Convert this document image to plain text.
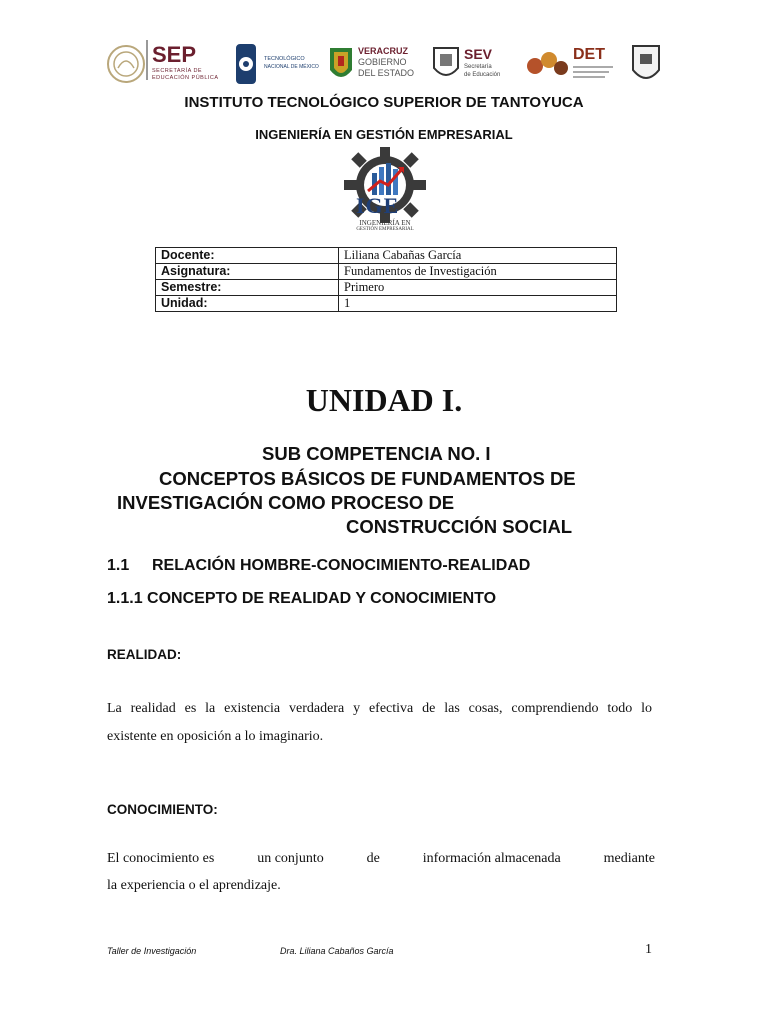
SEP
SECRETARÍA DE
EDUCACIÓN PÚBLICA
TECNOLÓGICO
NACIONAL DE MÉXICO
VERACRUZ
GOBIERNO
DEL ESTADO
SEV
Secretaría
de Educación
DET
INSTITUTO TECNOLÓGICO SUPERIOR DE TANTOYUCA
INGENIERÍA EN GESTIÓN EMPRESARIAL
IGE
INGENIERÍA EN
GESTIÓN EMPRESARIAL
Docente:	Liliana Cabañas García
Asignatura:	Fundamentos de Investigación
Semestre:	Primero
Unidad:	1
UNIDAD I.
SUB COMPETENCIA NO. I
CONCEPTOS BÁSICOS DE FUNDAMENTOS DE
INVESTIGACIÓN COMO PROCESO DE
CONSTRUCCIÓN SOCIAL
1.1 RELACIÓN HOMBRE-CONOCIMIENTO-REALIDAD
1.1.1 CONCEPTO DE REALIDAD Y CONOCIMIENTO
REALIDAD:
La realidad es la existencia verdadera y efectiva de las cosas, comprendiendo todo lo
existente en oposición a lo imaginario.
CONOCIMIENTO:
El conocimiento es	un conjunto	de	información almacenada	mediante
la experiencia o el aprendizaje.
Taller de Investigación	Dra. Liliana Cabaños García	1
